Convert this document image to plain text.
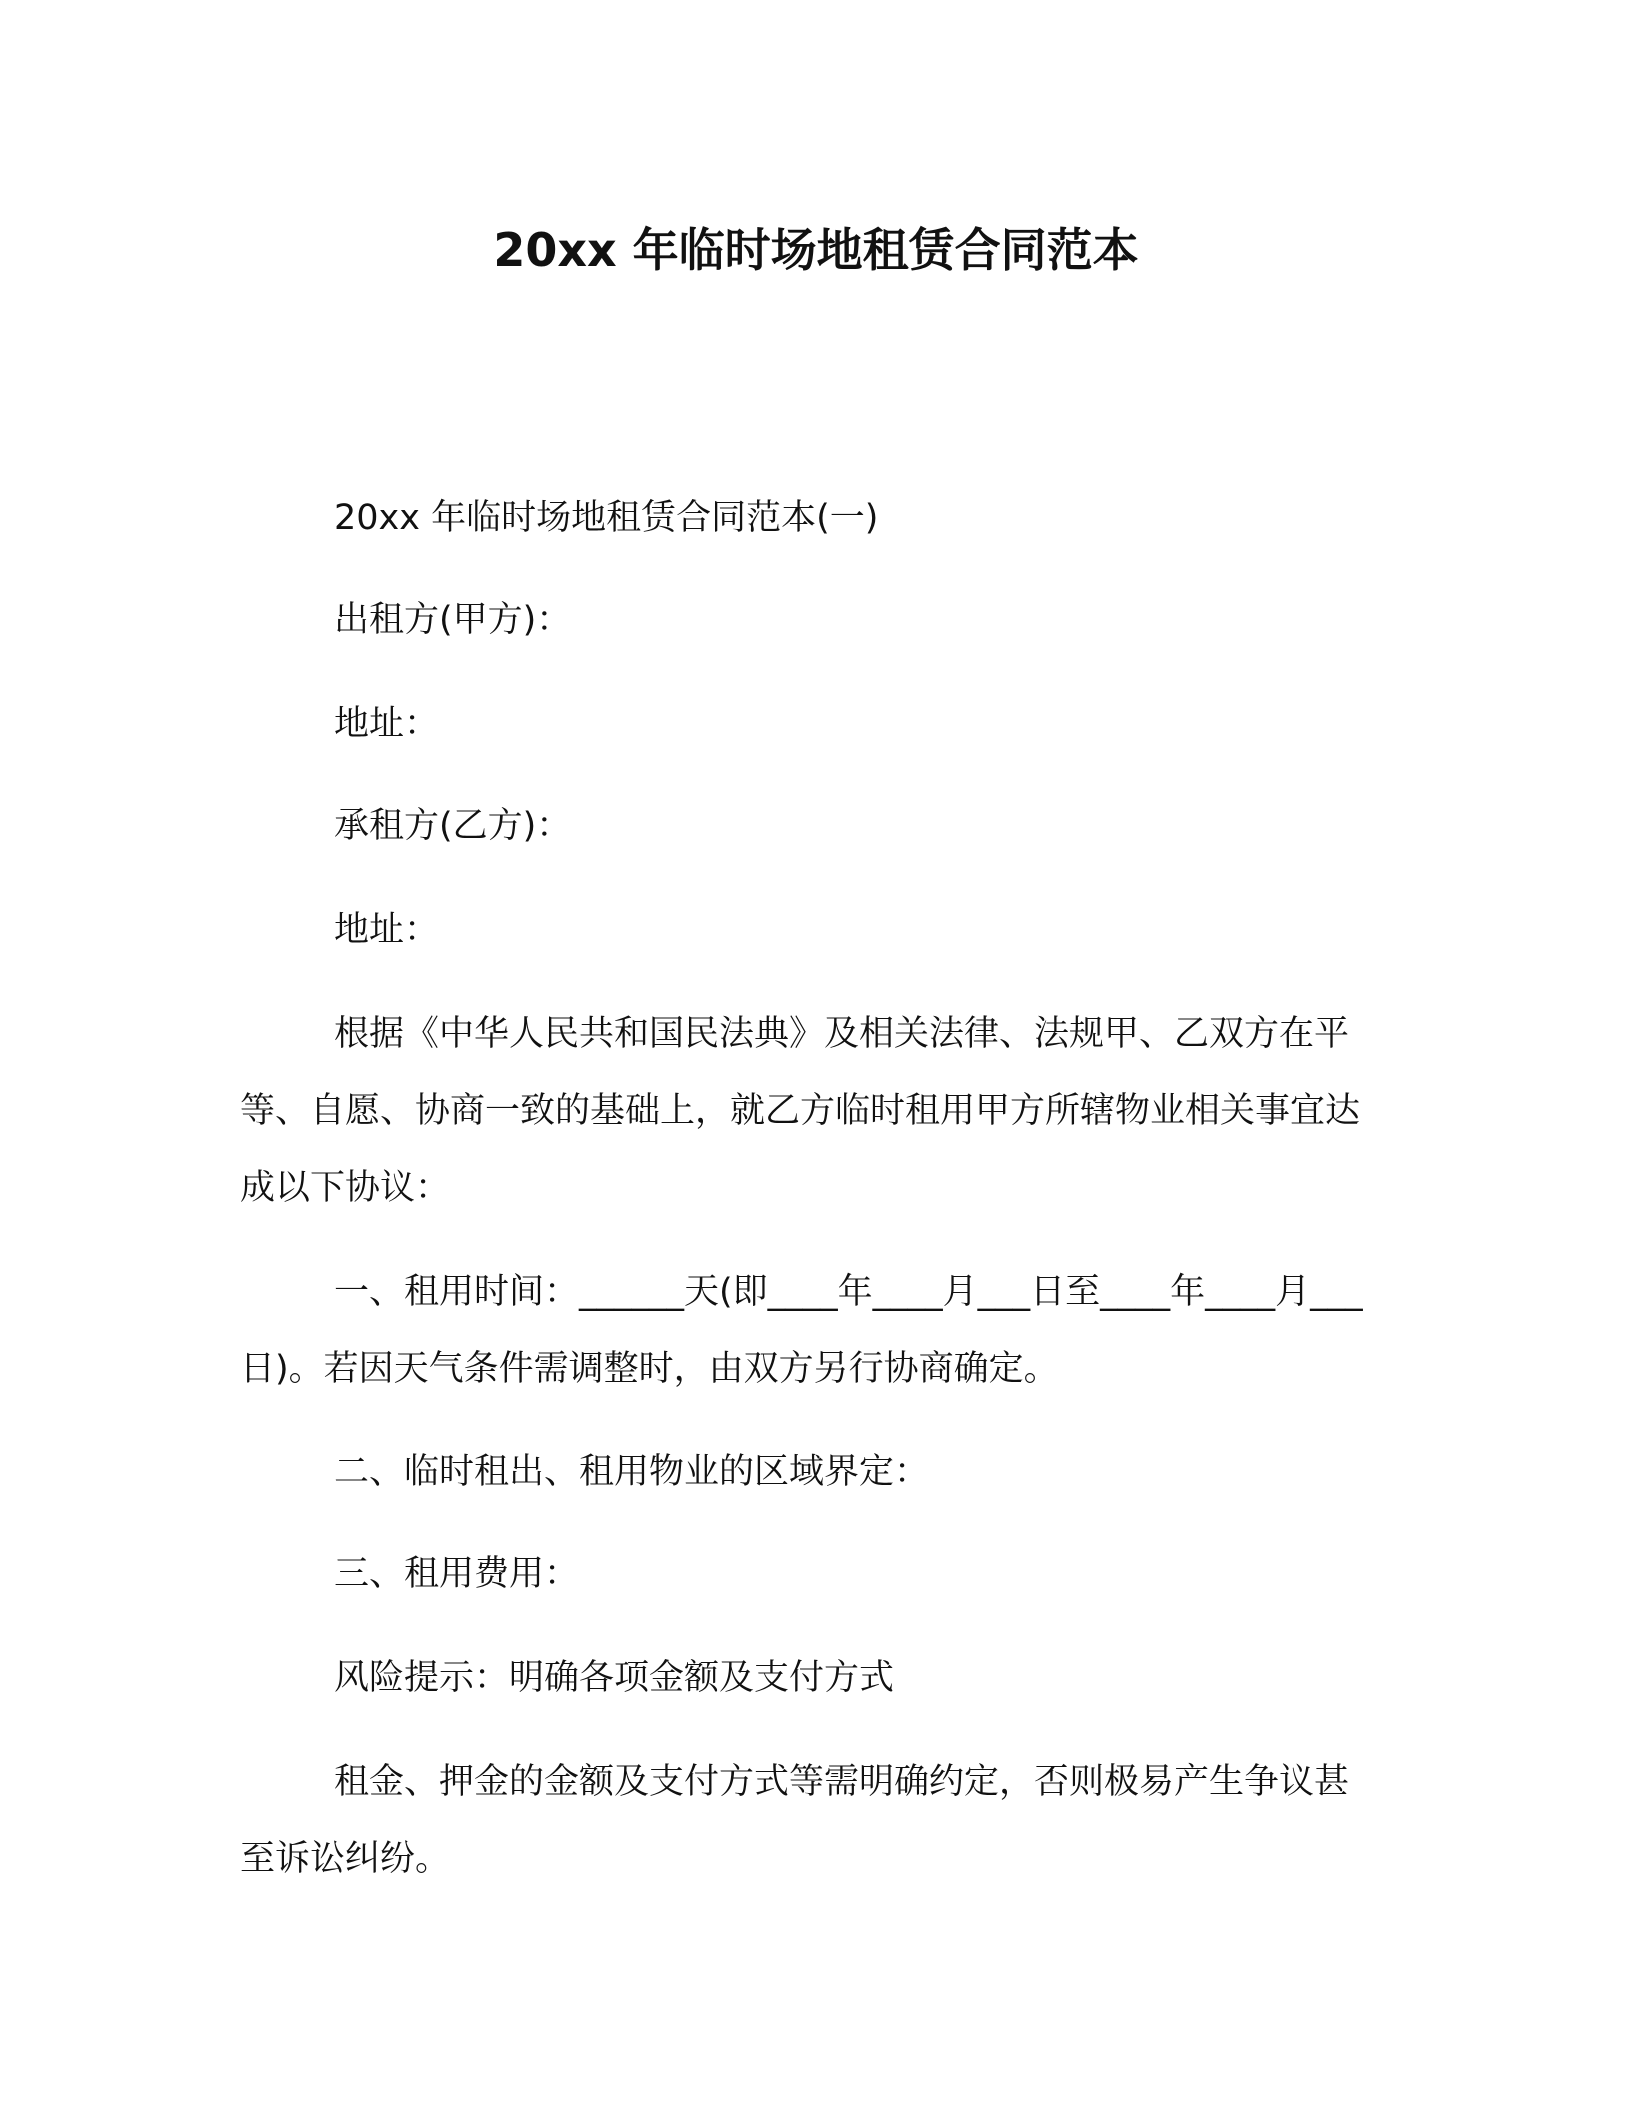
20xx 年临时场地租赁合同范本
20xx 年临时场地租赁合同范本(一)
出租方(甲方)：
地址：
承租方(乙方)：
地址：

根据《中华人民共和国民法典》及相关法律、法规甲、乙双方在平等、自愿、协商一致的基础上，就乙方临时租用甲方所辖物业相关事宜达成以下协议：

一、租用时间：______天(即____年____月___日至____年____月___日)。若因天气条件需调整时，由双方另行协商确定。

二、临时租出、租用物业的区域界定：
三、租用费用：
风险提示：明确各项金额及支付方式

租金、押金的金额及支付方式等需明确约定，否则极易产生争议甚至诉讼纠纷。
